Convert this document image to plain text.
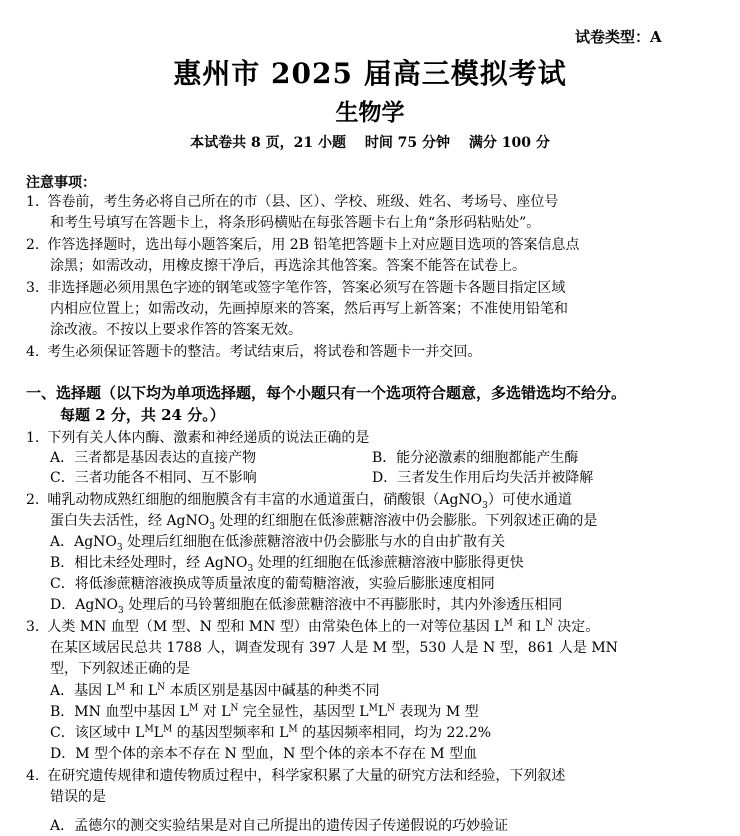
试卷类型：A
惠州市 2025 届高三模拟考试
生物学
本试卷共 8 页，21 小题　 时间 75 分钟　 满分 100 分
注意事项：
1. 答卷前，考生务必将自己所在的市（县、区）、学校、班级、姓名、考场号、座位号
和考生号填写在答题卡上，将条形码横贴在每张答题卡右上角“条形码粘贴处”。
2. 作答选择题时，选出每小题答案后，用 2B 铅笔把答题卡上对应题目选项的答案信息点
涂黑；如需改动，用橡皮擦干净后，再选涂其他答案。答案不能答在试卷上。
3. 非选择题必须用黑色字迹的钢笔或签字笔作答，答案必须写在答题卡各题目指定区域
内相应位置上；如需改动，先画掉原来的答案，然后再写上新答案；不准使用铅笔和
涂改液。不按以上要求作答的答案无效。
4. 考生必须保证答题卡的整洁。考试结束后，将试卷和答题卡一并交回。
一、选择题（以下均为单项选择题，每个小题只有一个选项符合题意，多选错选均不给分。
每题 2 分，共 24 分。）
1. 下列有关人体内酶、激素和神经递质的说法正确的是
A．三者都是基因表达的直接产物	B．能分泌激素的细胞都能产生酶
C．三者功能各不相同、互不影响	D．三者发生作用后均失活并被降解
2. 哺乳动物成熟红细胞的细胞膜含有丰富的水通道蛋白，硝酸银（AgNO$_3$）可使水通道
蛋白失去活性，经 AgNO$_3$ 处理的红细胞在低渗蔗糖溶液中仍会膨胀。下列叙述正确的是
A．AgNO$_3$ 处理后红细胞在低渗蔗糖溶液中仍会膨胀与水的自由扩散有关
B．相比未经处理时，经 AgNO$_3$ 处理的红细胞在低渗蔗糖溶液中膨胀得更快
C．将低渗蔗糖溶液换成等质量浓度的葡萄糖溶液，实验后膨胀速度相同
D．AgNO$_3$ 处理后的马铃薯细胞在低渗蔗糖溶液中不再膨胀时，其内外渗透压相同
3. 人类 MN 血型（M 型、N 型和 MN 型）由常染色体上的一对等位基因 $L^M$ 和 $L^N$ 决定。
在某区域居民总共 1788 人，调查发现有 397 人是 M 型，530 人是 N 型，861 人是 MN
型，下列叙述正确的是
A．基因 $L^M$ 和 $L^N$ 本质区别是基因中碱基的种类不同
B．MN 血型中基因 $L^M$ 对 $L^N$ 完全显性，基因型 $L^ML^N$ 表现为 M 型
C．该区域中 $L^ML^M$ 的基因型频率和 $L^M$ 的基因频率相同，均为 22.2%
D．M 型个体的亲本不存在 N 型血，N 型个体的亲本不存在 M 型血
4. 在研究遗传规律和遗传物质过程中，科学家积累了大量的研究方法和经验，下列叙述
错误的是
A．孟德尔的测交实验结果是对自己所提出的遗传因子传递假说的巧妙验证
